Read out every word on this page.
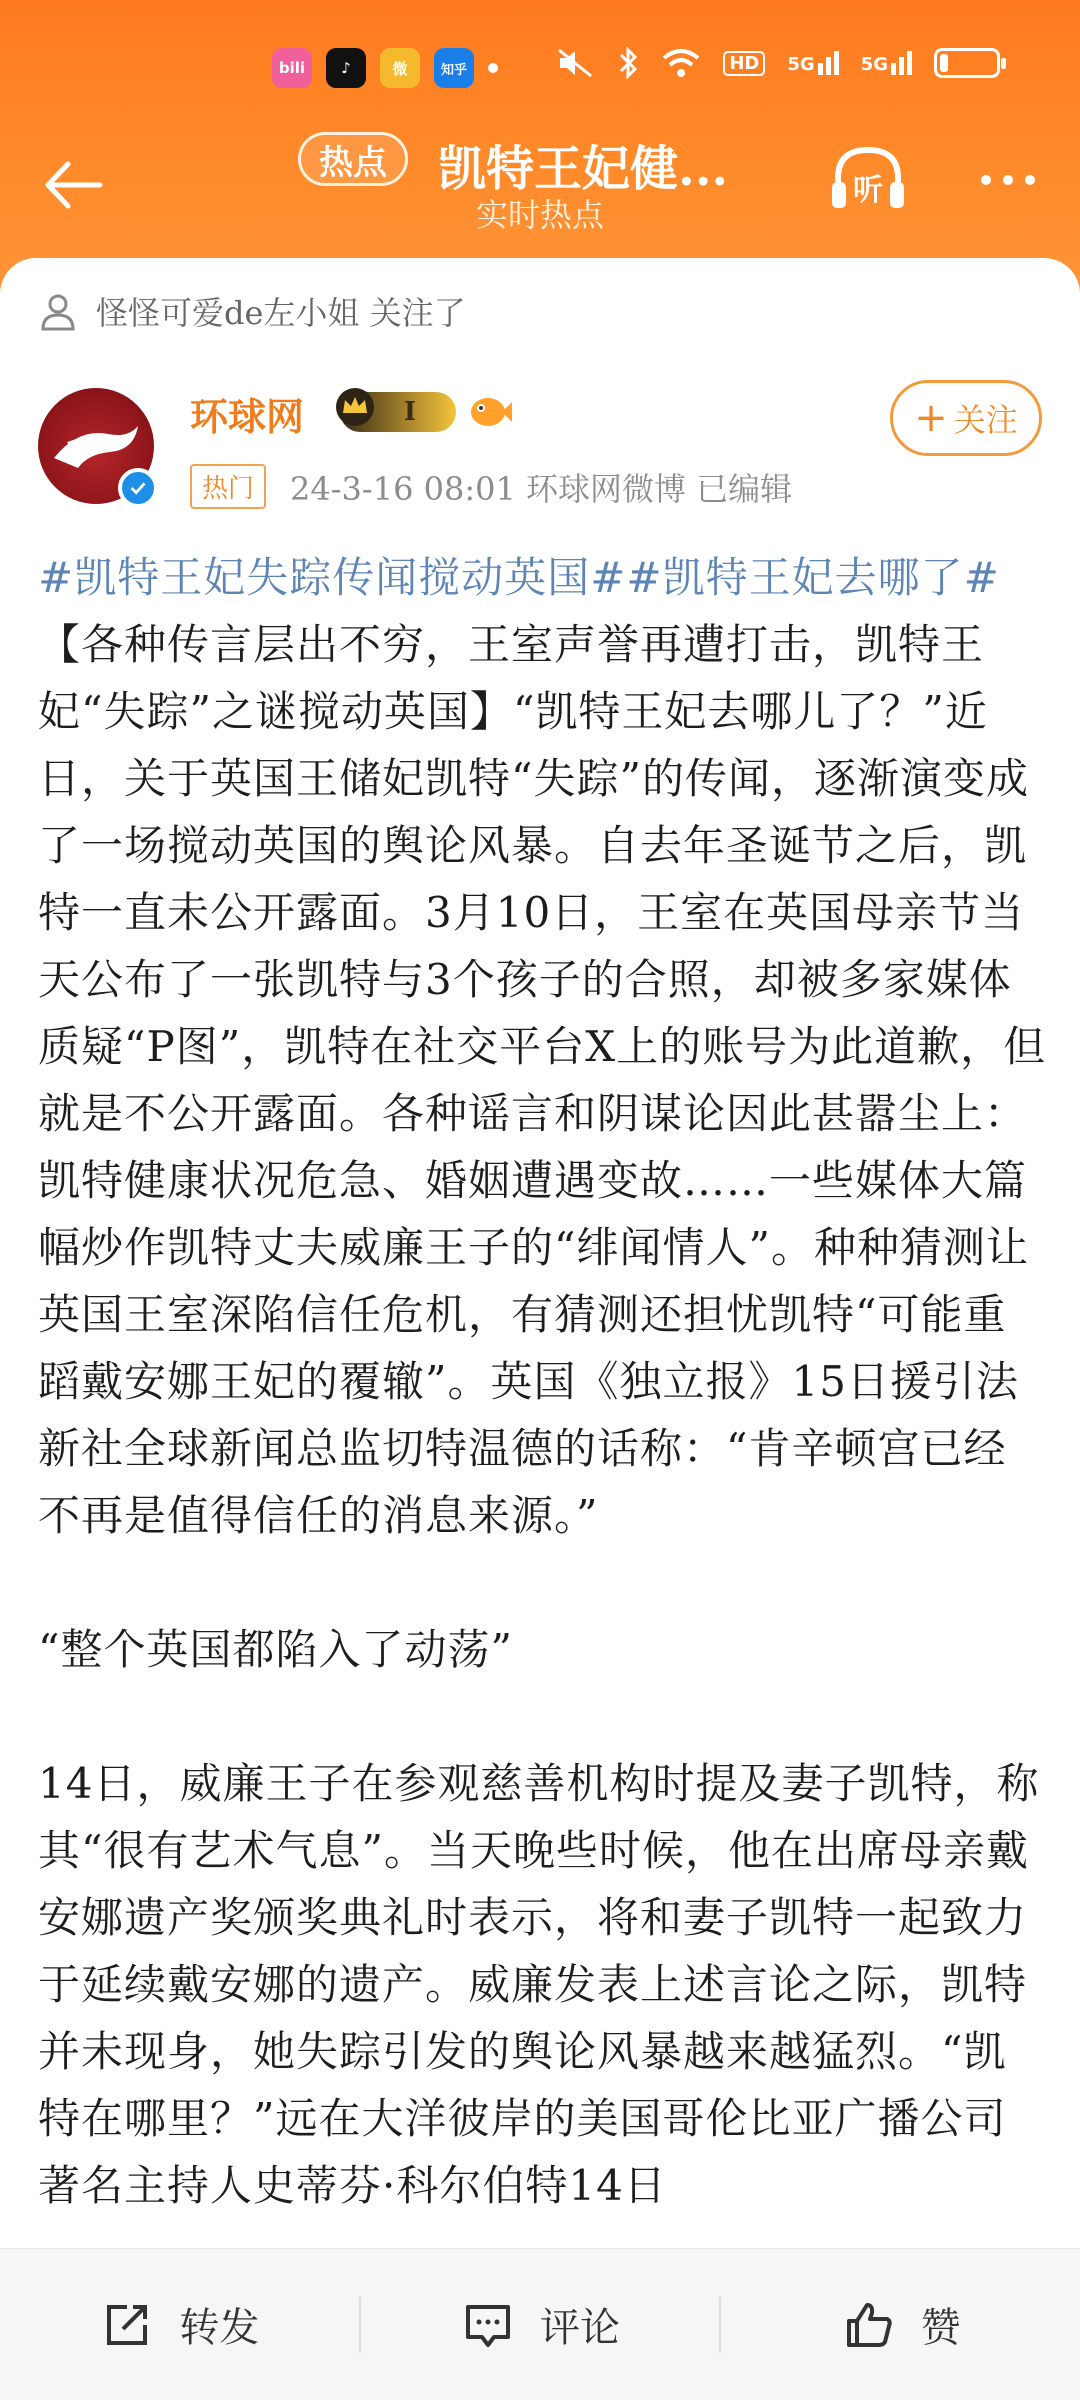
bili	♪	微	知乎	HD	5G	5G
热点	凯特王妃健...
实时热点
听
怪怪可爱de左小姐 关注了
环球网	I	+ 关注
热门	24-3-16 08:01 环球网微博 已编辑
#凯特王妃失踪传闻搅动英国##凯特王妃去哪了#
【各种传言层出不穷，王室声誉再遭打击，凯特王妃“失踪”之谜搅动英国】“凯特王妃去哪儿了？”近日，关于英国王储妃凯特“失踪”的传闻，逐渐演变成了一场搅动英国的舆论风暴。自去年圣诞节之后，凯特一直未公开露面。3月10日，王室在英国母亲节当天公布了一张凯特与3个孩子的合照，却被多家媒体质疑“P图”，凯特在社交平台X上的账号为此道歉，但就是不公开露面。各种谣言和阴谋论因此甚嚣尘上：凯特健康状况危急、婚姻遭遇变故……一些媒体大篇幅炒作凯特丈夫威廉王子的“绯闻情人”。种种猜测让英国王室深陷信任危机，有猜测还担忧凯特“可能重蹈戴安娜王妃的覆辙”。英国《独立报》15日援引法新社全球新闻总监切特温德的话称：“肯辛顿宫已经不再是值得信任的消息来源。”
“整个英国都陷入了动荡”
14日，威廉王子在参观慈善机构时提及妻子凯特，称其“很有艺术气息”。当天晚些时候，他在出席母亲戴安娜遗产奖颁奖典礼时表示，将和妻子凯特一起致力于延续戴安娜的遗产。威廉发表上述言论之际，凯特并未现身，她失踪引发的舆论风暴越来越猛烈。“凯特在哪里？”远在大洋彼岸的美国哥伦比亚广播公司著名主持人史蒂芬·科尔伯特14日
转发	评论	赞
